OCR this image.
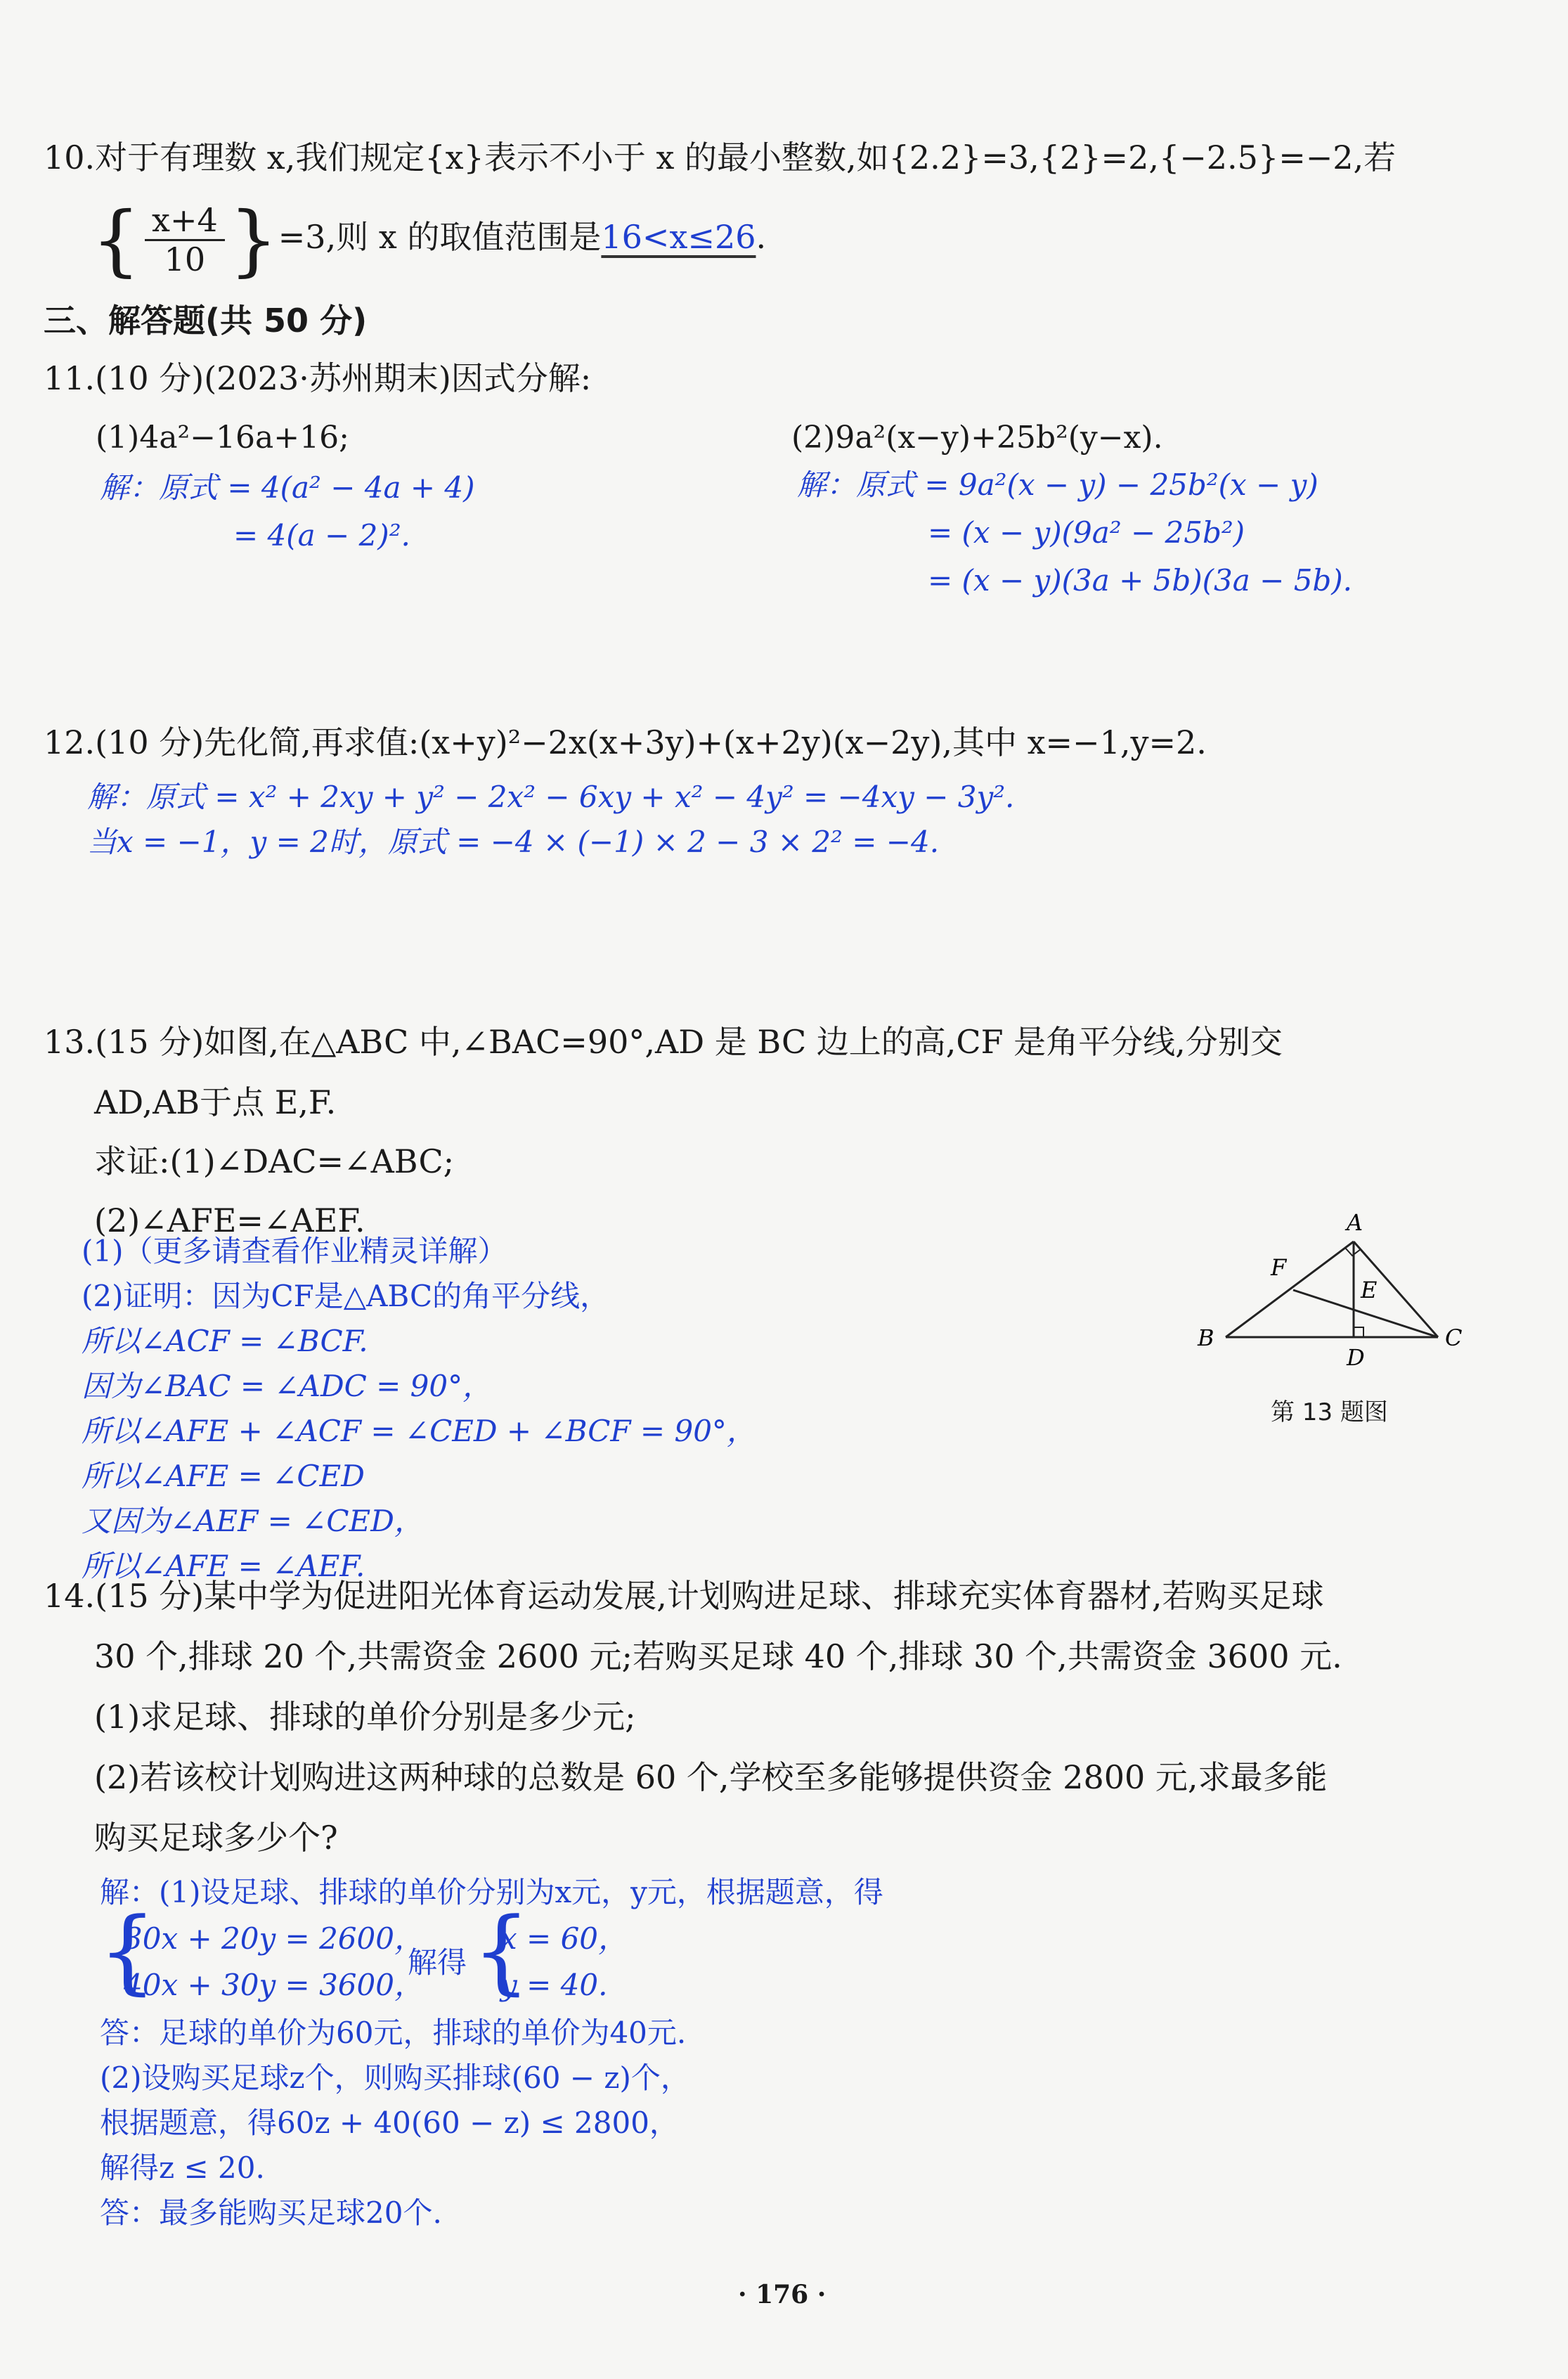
10.对于有理数 x,我们规定{x}表示不小于 x 的最小整数,如{2.2}=3,{2}=2,{−2.5}=−2,若
{ $\frac{x+4}{10} \}=3$,则 x 的取值范围是16<x≤26.
三、解答题(共 50 分)
11.(10 分)(2023·苏州期末)因式分解:
(1)4a²−16a+16;	(2)9a²(x−y)+25b²(y−x).
解：原式 = 4(a² − 4a + 4)
= 4(a − 2)².
解：原式 = 9a²(x − y) − 25b²(x − y)
= (x − y)(9a² − 25b²)
= (x − y)(3a + 5b)(3a − 5b).
12.(10 分)先化简,再求值:(x+y)²−2x(x+3y)+(x+2y)(x−2y),其中 x=−1,y=2.
解：原式 = x² + 2xy + y² − 2x² − 6xy + x² − 4y² = −4xy − 3y².
当x = −1，y = 2时，原式 = −4 × (−1) × 2 − 3 × 2² = −4.
13.(15 分)如图,在△ABC 中,∠BAC=90°,AD 是 BC 边上的高,CF 是角平分线,分别交
AD,AB于点 E,F.
求证:(1)∠DAC=∠ABC;
(2)∠AFE=∠AEF.
(1)（更多请查看作业精灵详解）
(2)证明：因为CF是△ABC的角平分线，
所以∠ACF = ∠BCF.
因为∠BAC = ∠ADC = 90°，
所以∠AFE + ∠ACF = ∠CED + ∠BCF = 90°，
所以∠AFE = ∠CED
又因为∠AEF = ∠CED，
所以∠AFE = ∠AEF.
A
B	C
D
E
F
第 13 题图
14.(15 分)某中学为促进阳光体育运动发展,计划购进足球、排球充实体育器材,若购买足球
30 个,排球 20 个,共需资金 2600 元;若购买足球 40 个,排球 30 个,共需资金 3600 元.
(1)求足球、排球的单价分别是多少元;
(2)若该校计划购进这两种球的总数是 60 个,学校至多能够提供资金 2800 元,求最多能
购买足球多少个?
解：(1)设足球、排球的单价分别为x元，y元，根据题意，得
{
30x + 20y = 2600，
40x + 30y = 3600，
解得 {
x = 60，
y = 40.
答：足球的单价为60元，排球的单价为40元.
(2)设购买足球z个，则购买排球(60 − z)个，
根据题意，得60z + 40(60 − z) ≤ 2800，
解得z ≤ 20.
答：最多能购买足球20个.
· 176 ·
